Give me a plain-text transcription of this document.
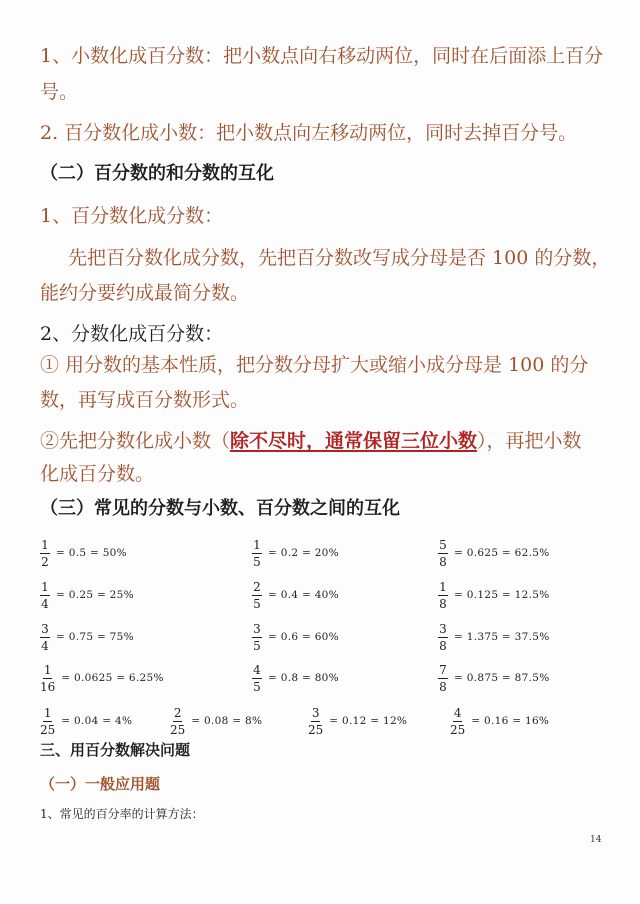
1、小数化成百分数：把小数点向右移动两位，同时在后面添上百分
号。
2. 百分数化成小数：把小数点向左移动两位，同时去掉百分号。
（二）百分数的和分数的互化
1、百分数化成分数：
先把百分数化成分数，先把百分数改写成分母是否 100 的分数，
能约分要约成最简分数。
2、分数化成百分数：
① 用分数的基本性质，把分数分母扩大或缩小成分母是 100 的分
数，再写成百分数形式。
②先把分数化成小数（除不尽时，通常保留三位小数），再把小数
化成百分数。
（三）常见的分数与小数、百分数之间的互化
$\frac{1}{2} = 0.5 = 50\%$	$\frac{1}{5} = 0.2 = 20\%$	$\frac{5}{8} = 0.625 = 62.5\%$
$\frac{1}{4} = 0.25 = 25\%$	$\frac{2}{5} = 0.4 = 40\%$	$\frac{1}{8} = 0.125 = 12.5\%$
$\frac{3}{4} = 0.75 = 75\%$	$\frac{3}{5} = 0.6 = 60\%$	$\frac{3}{8} = 1.375 = 37.5\%$
$\frac{1}{16} = 0.0625 = 6.25\%$	$\frac{4}{5} = 0.8 = 80\%$	$\frac{7}{8} = 0.875 = 87.5\%$
$\frac{1}{25} = 0.04 = 4\%$	$\frac{2}{25} = 0.08 = 8\%$	$\frac{3}{25} = 0.12 = 12\%$	$\frac{4}{25} = 0.16 = 16\%$
三、用百分数解决问题
（一）一般应用题
1、常见的百分率的计算方法：
14
